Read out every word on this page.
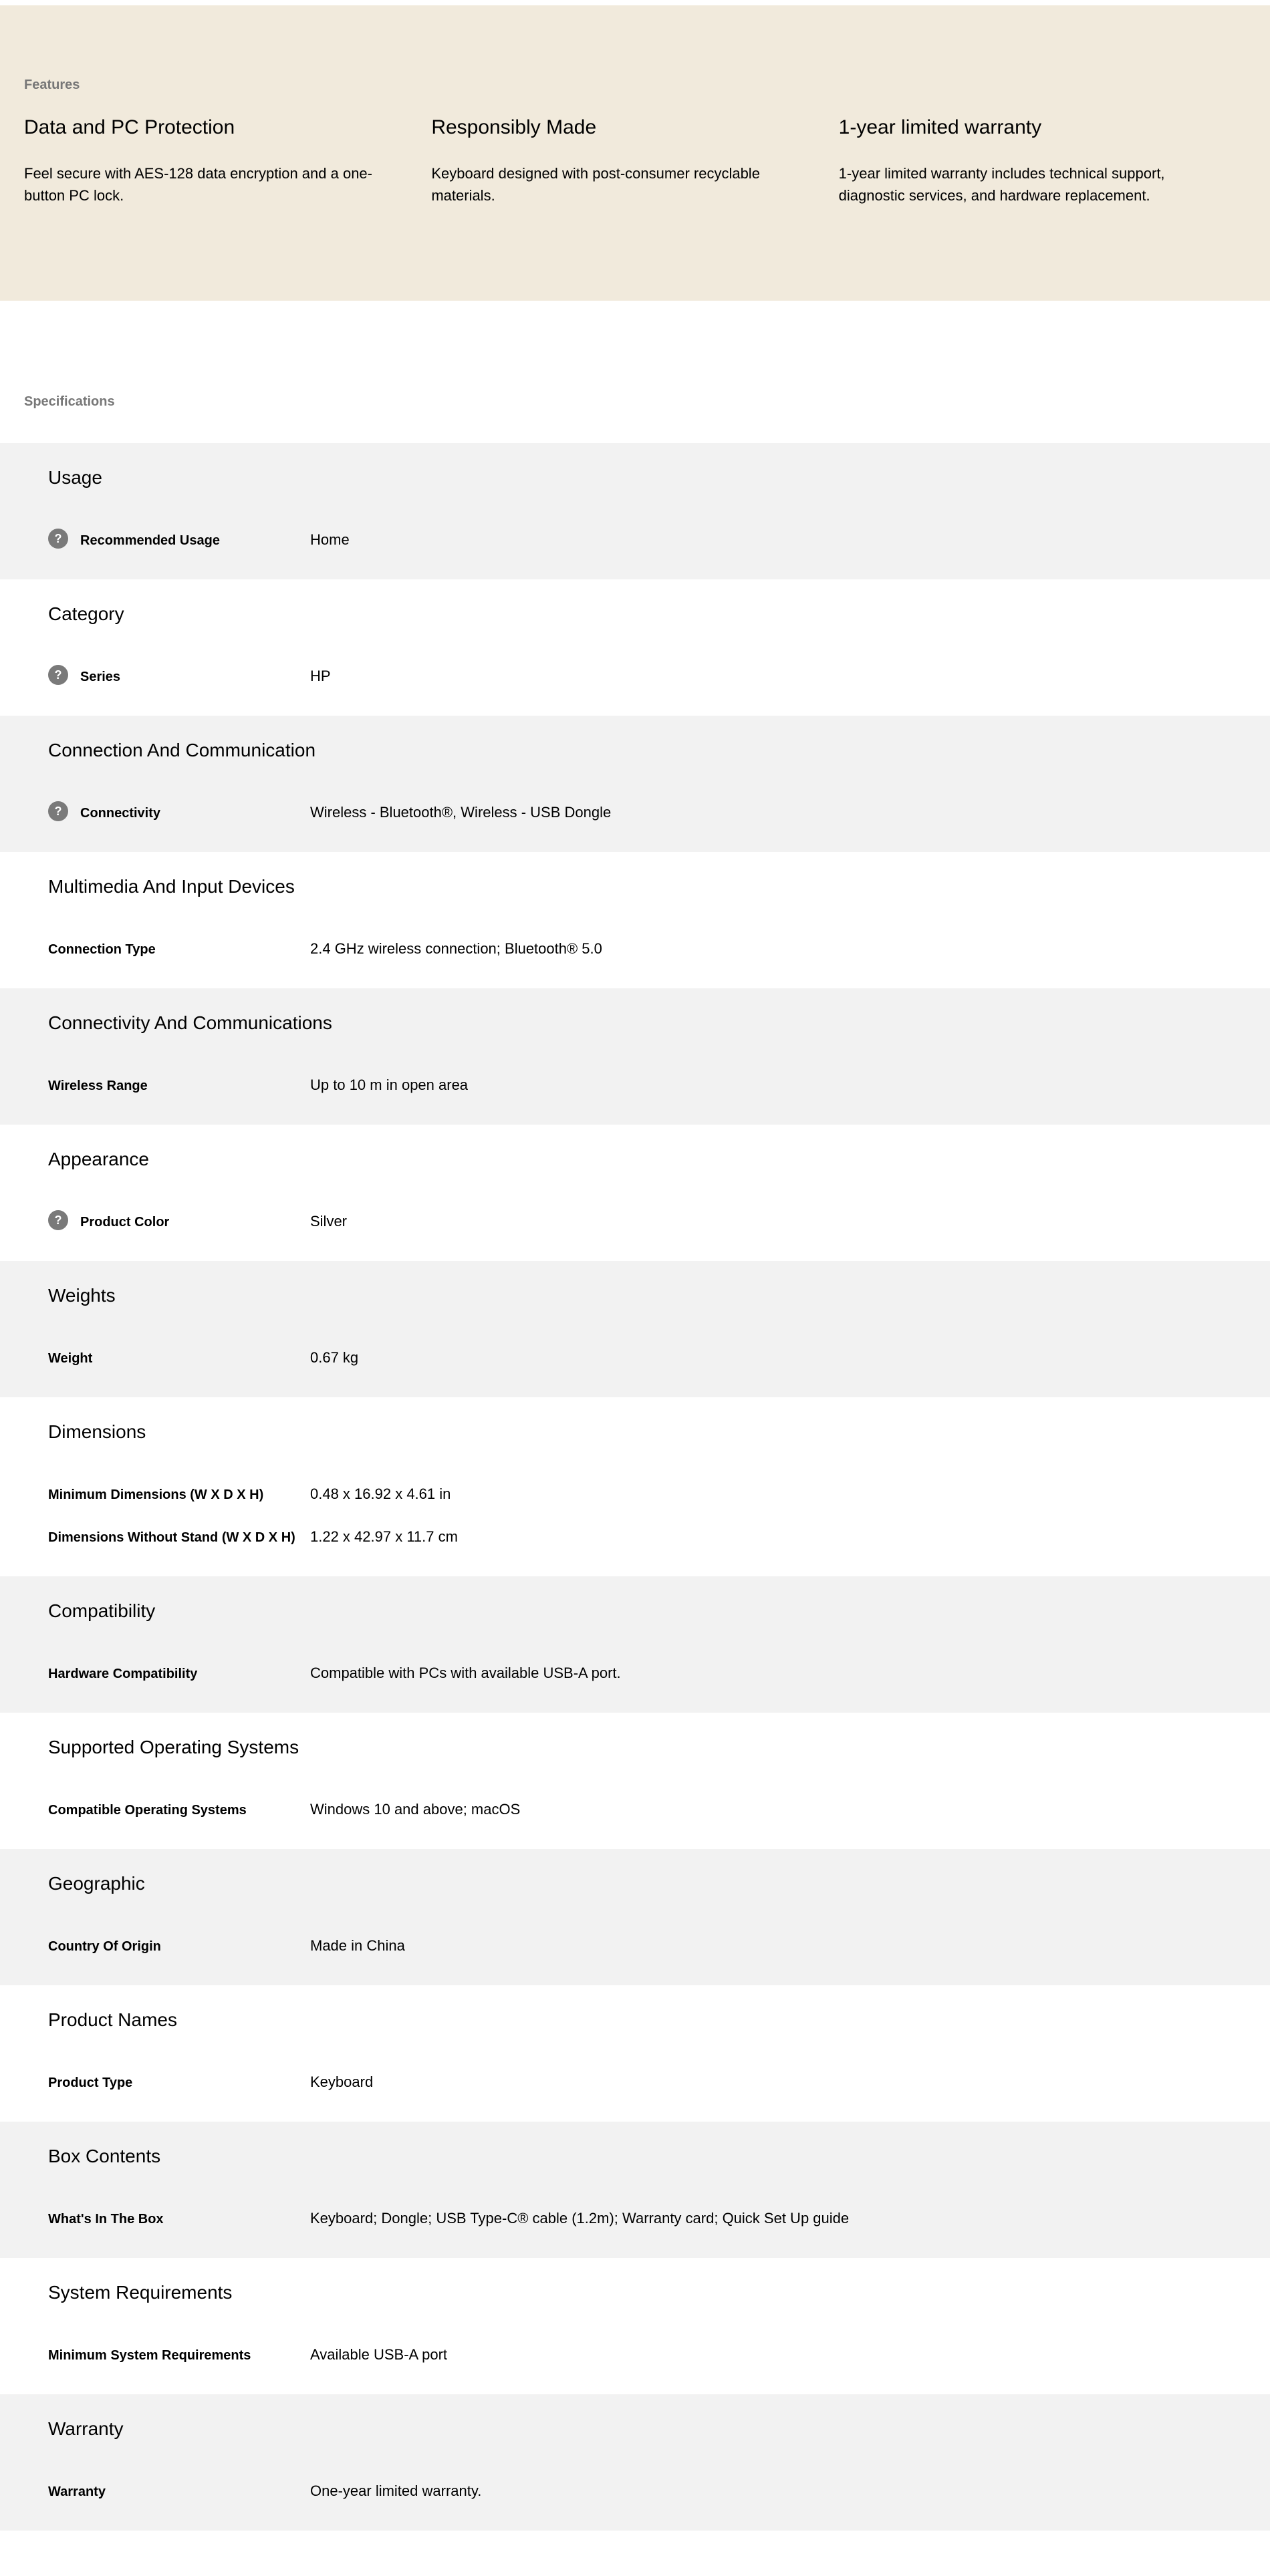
Features
Data and PC Protection

Feel secure with AES-128 data encryption and a one-button PC lock.

Responsibly Made

Keyboard designed with post-consumer recyclable materials.

1-year limited warranty

1-year limited warranty includes technical support, diagnostic services, and hardware replacement.

Specifications
Usage
?	Recommended Usage	Home
Category
?	Series	HP
Connection And Communication
?	Connectivity	Wireless - Bluetooth®, Wireless - USB Dongle
Multimedia And Input Devices
Connection Type	2.4 GHz wireless connection; Bluetooth® 5.0
Connectivity And Communications
Wireless Range	Up to 10 m in open area
Appearance
?	Product Color	Silver
Weights
Weight	0.67 kg
Dimensions
Minimum Dimensions (W X D X H)	0.48 x 16.92 x 4.61 in
Dimensions Without Stand (W X D X H) 1.22 x 42.97 x 11.7 cm
Compatibility
Hardware Compatibility	Compatible with PCs with available USB-A port.
Supported Operating Systems
Compatible Operating Systems	Windows 10 and above; macOS
Geographic
Country Of Origin	Made in China
Product Names
Product Type	Keyboard
Box Contents
What's In The Box	Keyboard; Dongle; USB Type-C® cable (1.2m); Warranty card; Quick Set Up guide
System Requirements
Minimum System Requirements	Available USB-A port
Warranty
Warranty	One-year limited warranty.
